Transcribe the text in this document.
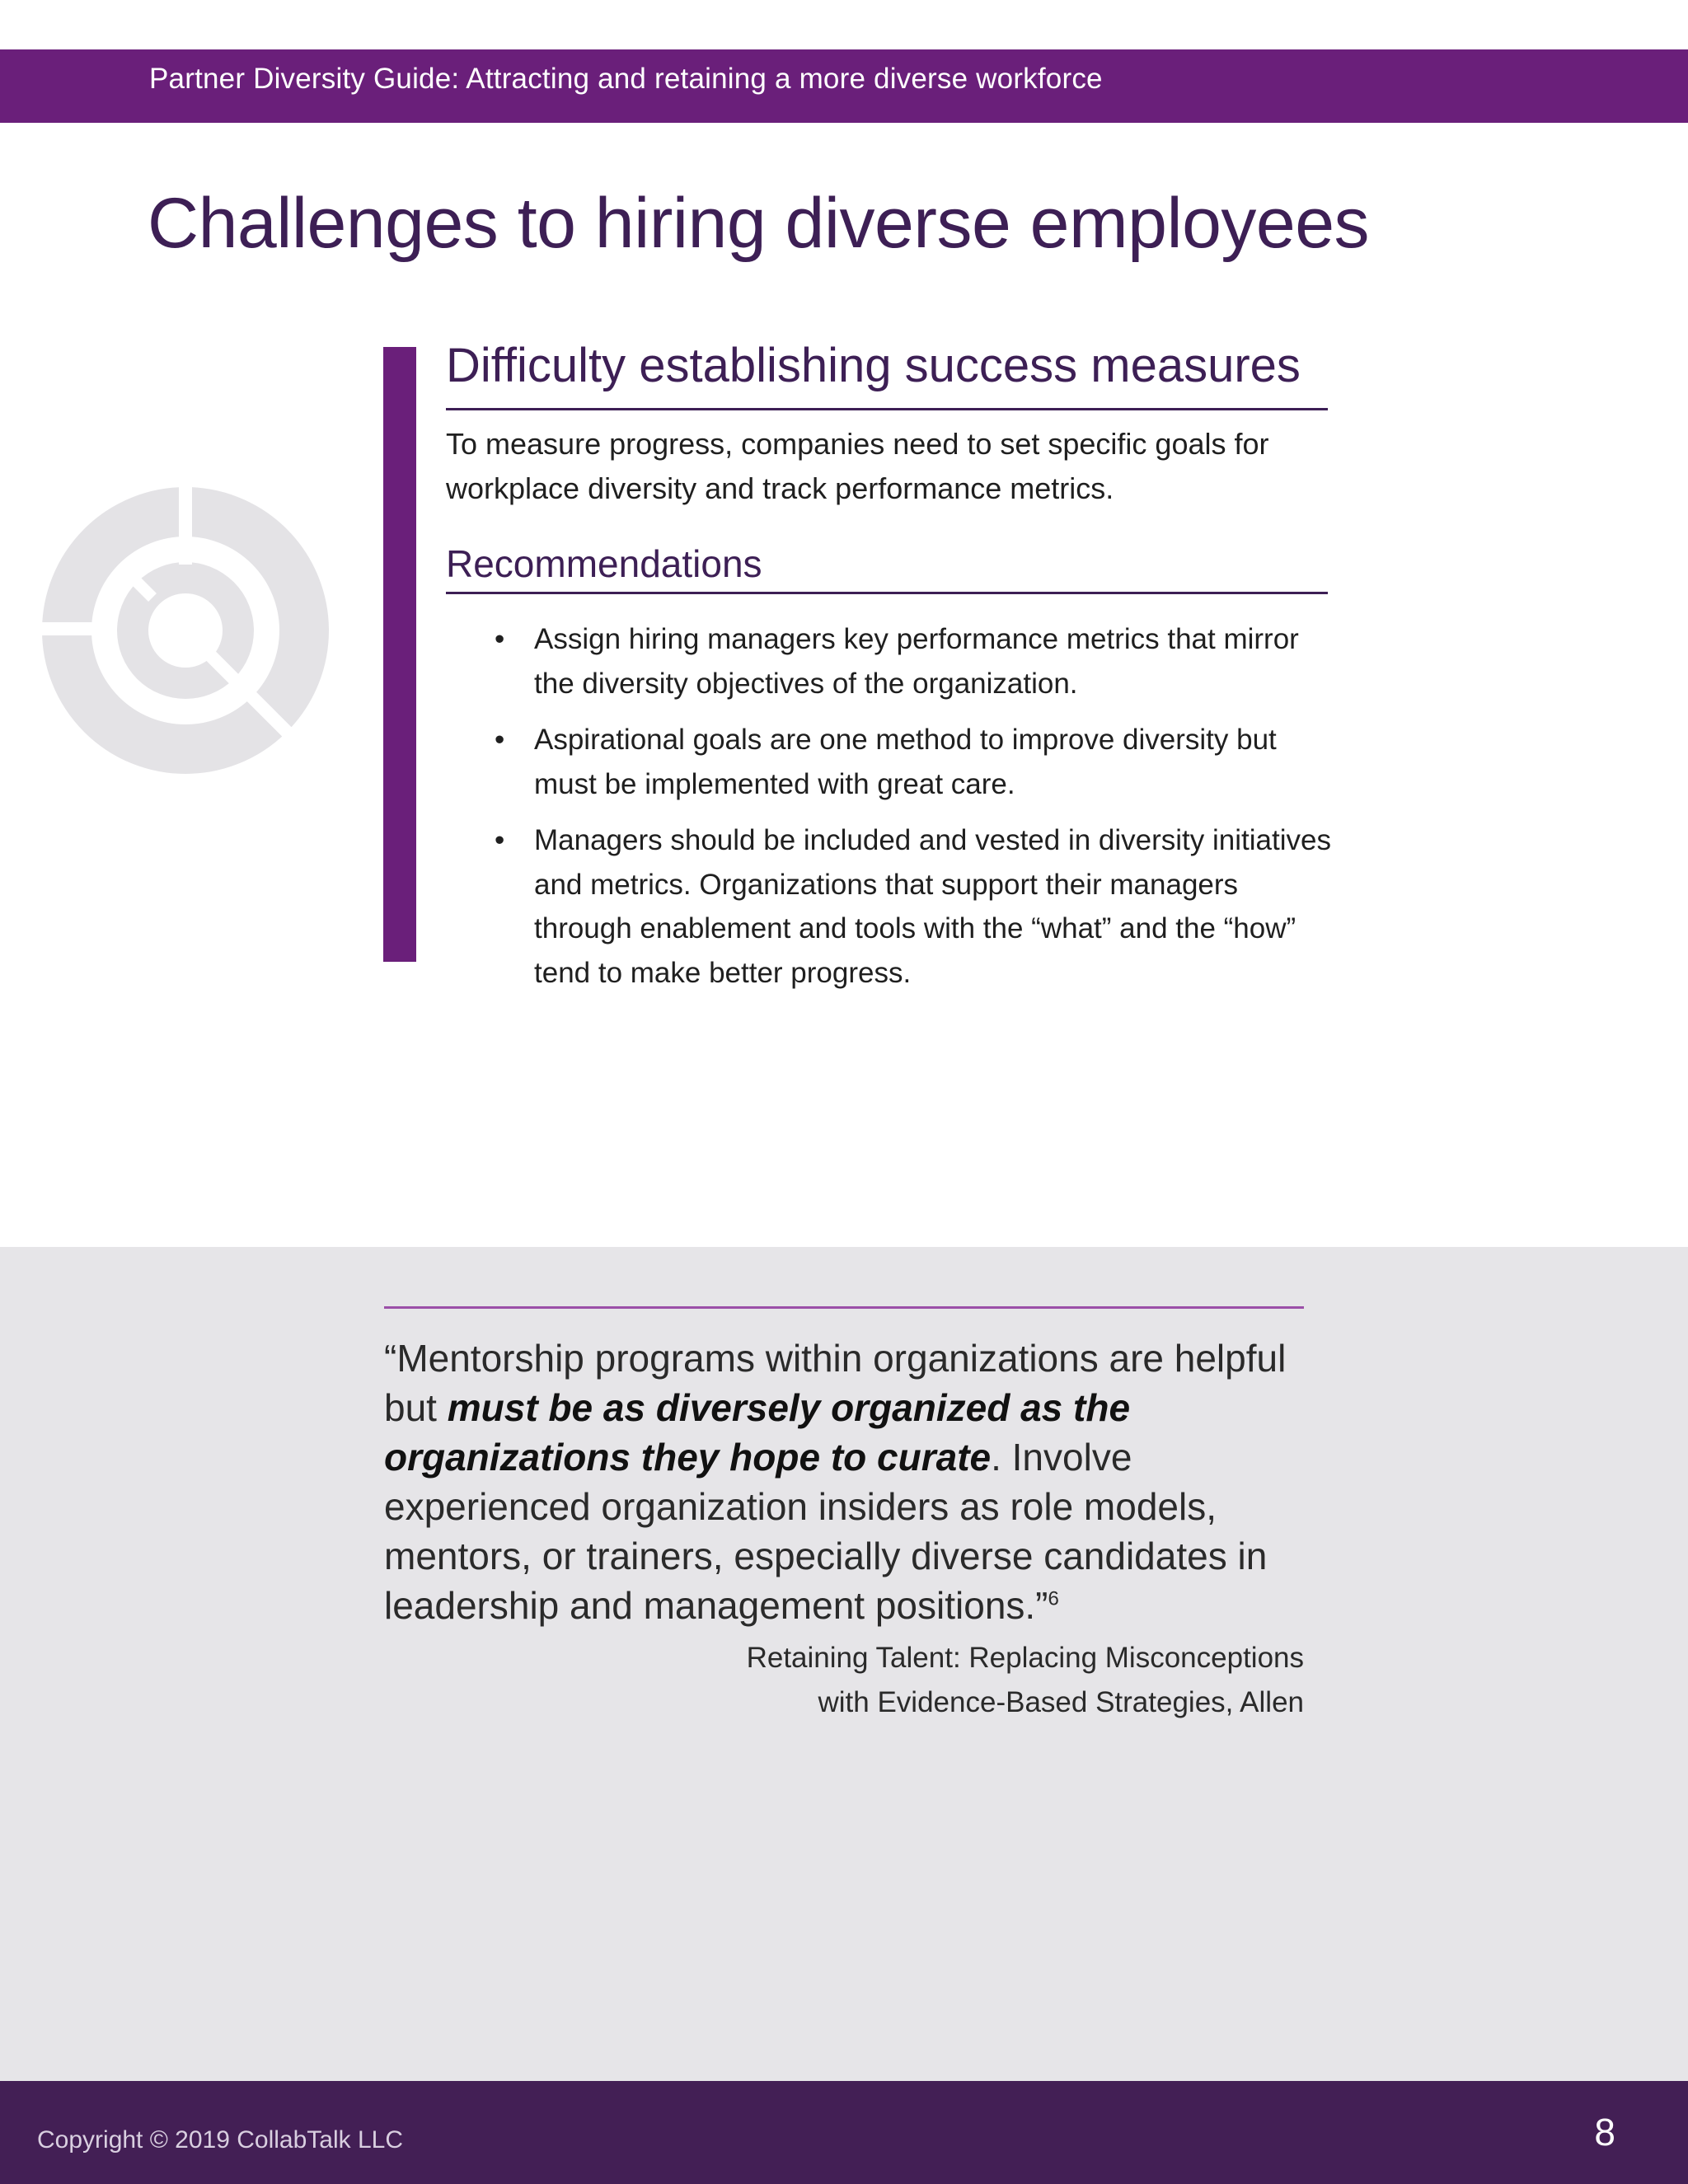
Partner Diversity Guide: Attracting and retaining a more diverse workforce
Challenges to hiring diverse employees
Difficulty establishing success measures

To measure progress, companies need to set specific goals for workplace diversity and track performance metrics.

Recommendations
• Assign hiring managers key performance metrics that mirror the diversity objectives of the organization.
• Aspirational goals are one method to improve diversity but must be implemented with great care.
• Managers should be included and vested in diversity initiatives and metrics. Organizations that support their managers through enablement and tools with the “what” and the “how” tend to make better progress.

“Mentorship programs within organizations are helpful but must be as diversely organized as the organizations they hope to curate. Involve experienced organization insiders as role models, mentors, or trainers, especially diverse candidates in leadership and management positions.”$^6$

Retaining Talent: Replacing Misconceptions
with Evidence-Based Strategies, Allen

Copyright © 2019 CollabTalk LLC	8
